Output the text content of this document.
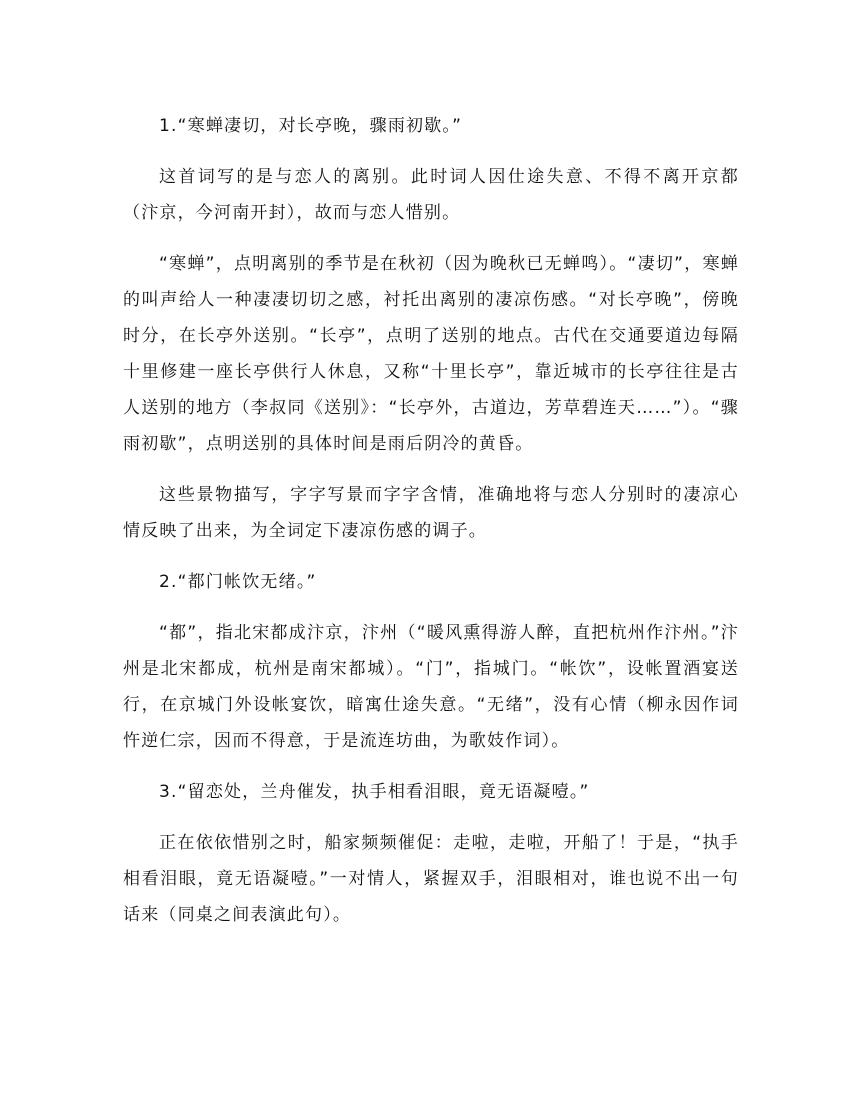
1.“寒蝉凄切，对长亭晚，骤雨初歇。”

这首词写的是与恋人的离别。此时词人因仕途失意、不得不离开京都（汴京，今河南开封），故而与恋人惜别。

“寒蝉”，点明离别的季节是在秋初（因为晚秋已无蝉鸣）。“凄切”，寒蝉的叫声给人一种凄凄切切之感，衬托出离别的凄凉伤感。“对长亭晚”，傍晚时分，在长亭外送别。“长亭”，点明了送别的地点。古代在交通要道边每隔十里修建一座长亭供行人休息，又称“十里长亭”，靠近城市的长亭往往是古人送别的地方（李叔同《送别》：“长亭外，古道边，芳草碧连天……”）。“骤雨初歇”，点明送别的具体时间是雨后阴冷的黄昏。

这些景物描写，字字写景而字字含情，准确地将与恋人分别时的凄凉心情反映了出来，为全词定下凄凉伤感的调子。

2.“都门帐饮无绪。”

“都”，指北宋都成汴京，汴州（“暖风熏得游人醉，直把杭州作汴州。”汴州是北宋都成，杭州是南宋都城）。“门”，指城门。“帐饮”，设帐置酒宴送行，在京城门外设帐宴饮，暗寓仕途失意。“无绪”，没有心情（柳永因作词忤逆仁宗，因而不得意，于是流连坊曲，为歌妓作词）。

3.“留恋处，兰舟催发，执手相看泪眼，竟无语凝噎。”

正在依依惜别之时，船家频频催促：走啦，走啦，开船了！于是，“执手相看泪眼，竟无语凝噎。”一对情人，紧握双手，泪眼相对，谁也说不出一句话来（同桌之间表演此句）。
